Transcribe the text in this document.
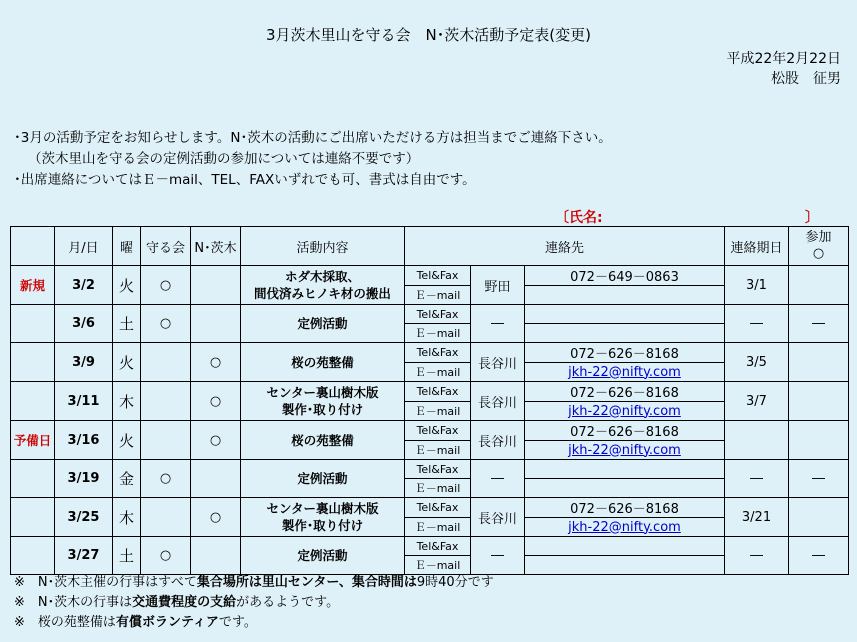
3月茨木里山を守る会　N･茨木活動予定表(変更)
平成22年2月22日
松股　征男
･3月の活動予定をお知らせします。N･茨木の活動にご出席いただける方は担当までご連絡下さい。
（茨木里山を守る会の定例活動の参加については連絡不要です）
･出席連絡についてはＥ－mail、TEL、FAXいずれでも可、書式は自由です。
〔氏名:	〕
	月/日	曜	守る会	N･茨木	活動内容	連絡先			連絡期日	参加
○
新規	3/2	火	○		ホダ木採取、
間伐済みヒノキ材の搬出	Tel&Fax	野田	072－649－0863	3/1	
						Ｅ－mail				
	3/6	土	○		定例活動	Tel&Fax	―		―	―
						Ｅ－mail				
	3/9	火		○	桜の苑整備	Tel&Fax	長谷川	072－626－8168	3/5	
						Ｅ－mail		jkh-22@nifty.com		
	3/11	木		○	センター裏山樹木版
製作･取り付け	Tel&Fax	長谷川	072－626－8168	3/7	
						Ｅ－mail		jkh-22@nifty.com		
予備日	3/16	火		○	桜の苑整備	Tel&Fax	長谷川	072－626－8168		
						Ｅ－mail		jkh-22@nifty.com		
	3/19	金	○		定例活動	Tel&Fax	―		―	―
						Ｅ－mail				
	3/25	木		○	センター裏山樹木版
製作･取り付け	Tel&Fax	長谷川	072－626－8168	3/21	
						Ｅ－mail		jkh-22@nifty.com		
	3/27	土	○		定例活動	Tel&Fax	―		―	―
						Ｅ－mail				
※　 N･茨木主催の行事はすべて集合場所は里山センター、集合時間は9時40分です
※　 N･茨木の行事は交通費程度の支給があるようです。
※　 桜の苑整備は有償ボランティアです。
